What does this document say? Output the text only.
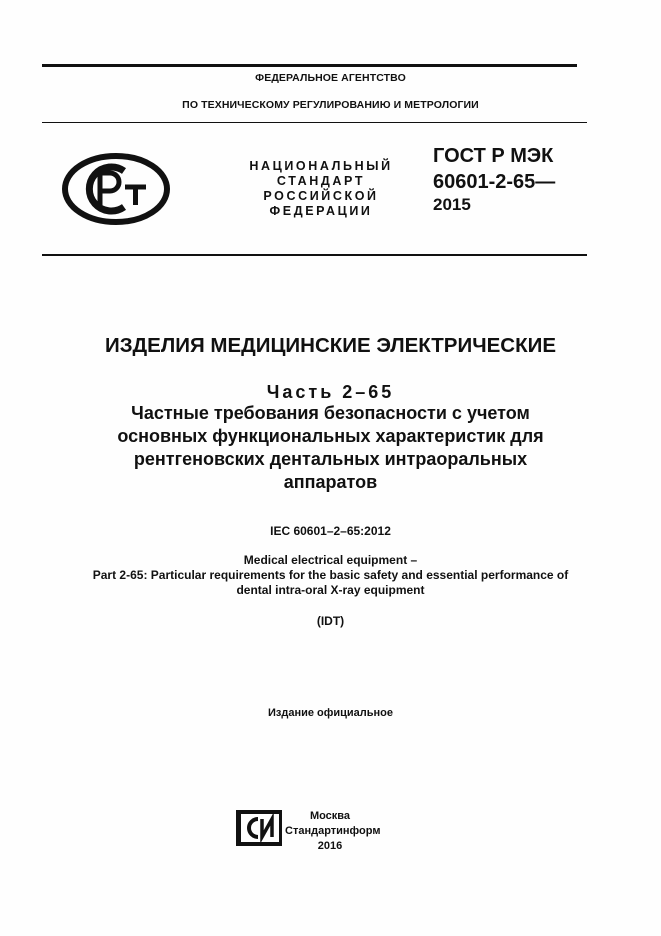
ФЕДЕРАЛЬНОЕ АГЕНТСТВО
ПО ТЕХНИЧЕСКОМУ РЕГУЛИРОВАНИЮ И МЕТРОЛОГИИ
НАЦИОНАЛЬНЫЙ
СТАНДАРТ
РОССИЙСКОЙ
ФЕДЕРАЦИИ
ГОСТ Р МЭК
60601-2-65—
2015
ИЗДЕЛИЯ МЕДИЦИНСКИЕ ЭЛЕКТРИЧЕСКИЕ
Часть 2–65
Частные требования безопасности с учетом
основных функциональных характеристик для
рентгеновских дентальных интраоральных
аппаратов
IEC 60601–2–65:2012
Medical electrical equipment –
Part 2-65: Particular requirements for the basic safety and essential performance of
dental intra-oral X-ray equipment
(IDT)
Издание официальное
Москва
Стандартинформ
2016
